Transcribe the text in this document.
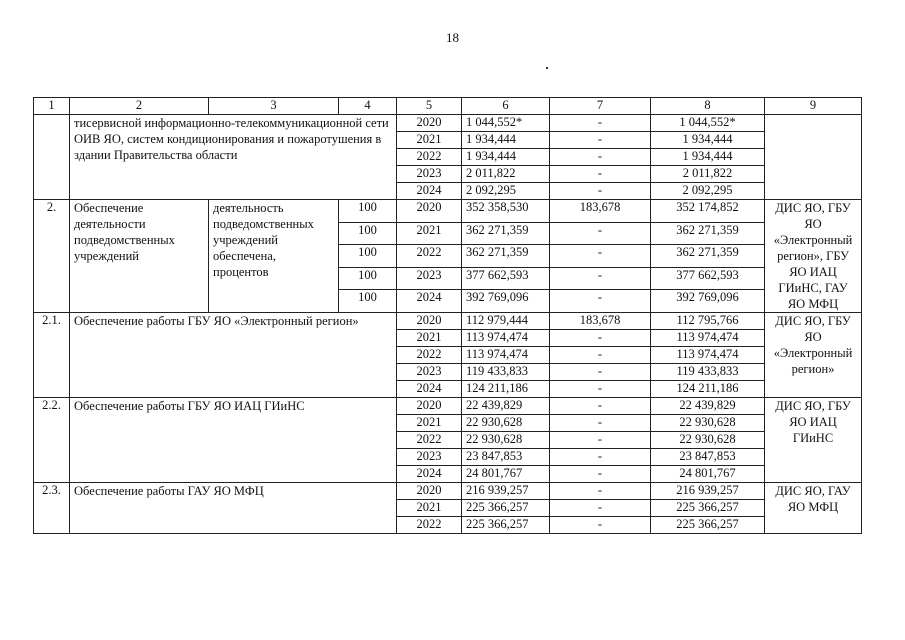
18
1	2	3	4	5	6	7	8	9
	тисервисной информационно-телекоммуникационной сети ОИВ ЯО, систем кондиционирования и пожаротушения в здании Правительства области			2020	1 044,552*	-	1 044,552*	
				2021	1 934,444	-	1 934,444	
				2022	1 934,444	-	1 934,444	
				2023	2 011,822	-	2 011,822	
				2024	2 092,295	-	2 092,295	
2.	Обеспечение деятельности подведомственных учреждений	деятельность подведомственных учреждений обеспечена, процентов	100	2020	352 358,530	183,678	352 174,852	ДИС ЯО, ГБУ ЯО «Электронный регион», ГБУ ЯО ИАЦ ГИиНС, ГАУ ЯО МФЦ
			100	2021	362 271,359	-	362 271,359	
			100	2022	362 271,359	-	362 271,359	
			100	2023	377 662,593	-	377 662,593	
			100	2024	392 769,096	-	392 769,096	
2.1.	Обеспечение работы ГБУ ЯО «Электронный регион»			2020	112 979,444	183,678	112 795,766	ДИС ЯО, ГБУ ЯО «Электронный регион»
				2021	113 974,474	-	113 974,474	
				2022	113 974,474	-	113 974,474	
				2023	119 433,833	-	119 433,833	
				2024	124 211,186	-	124 211,186	
2.2.	Обеспечение работы ГБУ ЯО ИАЦ ГИиНС			2020	22 439,829	-	22 439,829	ДИС ЯО, ГБУ ЯО ИАЦ ГИиНС
				2021	22 930,628	-	22 930,628	
				2022	22 930,628	-	22 930,628	
				2023	23 847,853	-	23 847,853	
				2024	24 801,767	-	24 801,767	
2.3.	Обеспечение работы ГАУ ЯО МФЦ			2020	216 939,257	-	216 939,257	ДИС ЯО, ГАУ ЯО МФЦ
				2021	225 366,257	-	225 366,257	
				2022	225 366,257	-	225 366,257	
